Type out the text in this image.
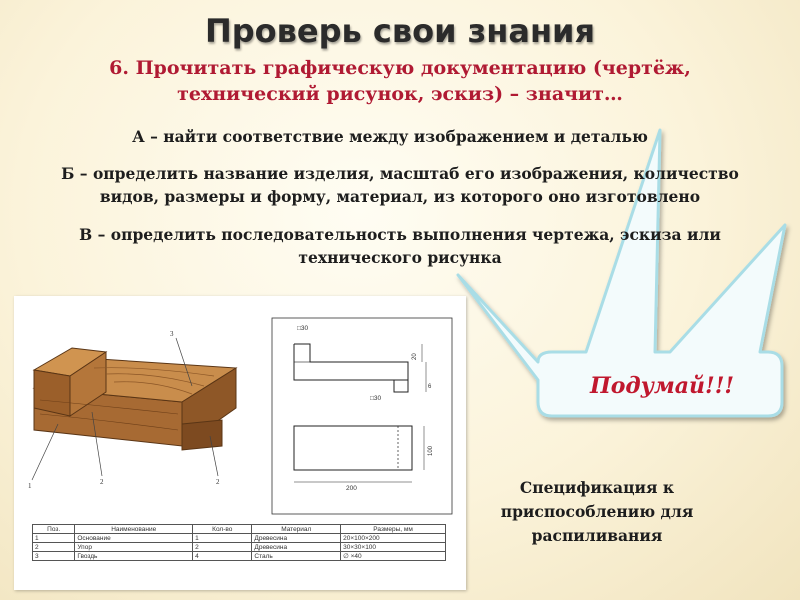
Проверь свои знания
6. Прочитать графическую документацию (чертёж,
технический рисунок, эскиз) – значит…
А – найти соответствие между изображением и деталью
Б – определить название изделия, масштаб его изображения, количество
видов, размеры и форму, материал, из которого оно изготовлено
В – определить последовательность выполнения чертежа, эскиза или
технического рисунка
Подумай!!!
3
1	2	2
□30
20
□30
6
200
100
Поз.	Наименование	Кол-во	Материал	Размеры, мм
1	Основание	1	Древесина	20×100×200
2	Упор	2	Древесина	30×30×100
3	Гвоздь	4	Сталь	∅ ×40
Спецификация к
приспособлению для
распиливания
